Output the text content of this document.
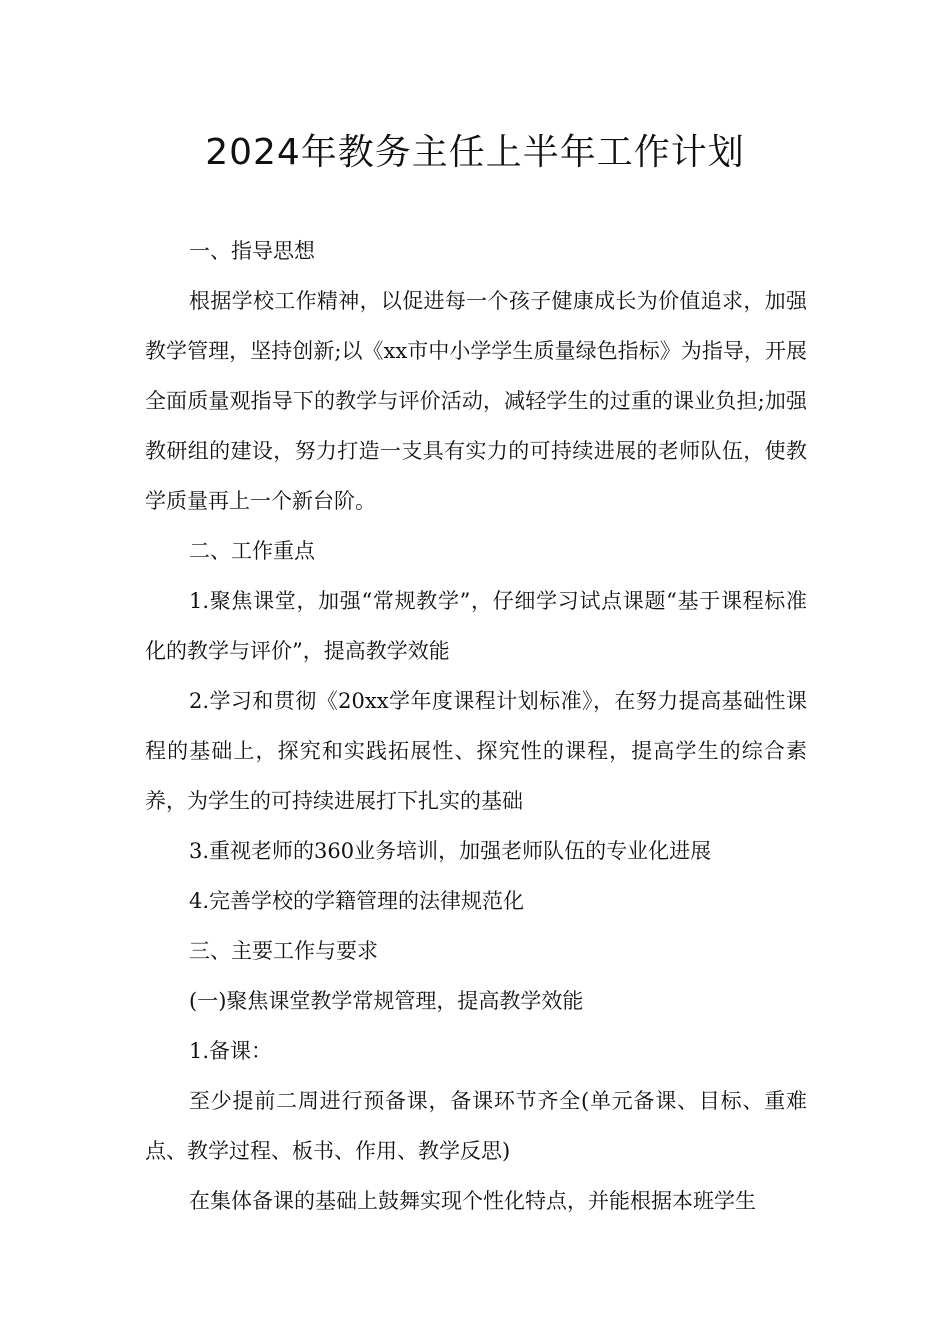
2024年教务主任上半年工作计划

一、指导思想

根据学校工作精神，以促进每一个孩子健康成长为价值追求，加强教学管理，坚持创新;以《xx市中小学学生质量绿色指标》为指导，开展全面质量观指导下的教学与评价活动，减轻学生的过重的课业负担;加强教研组的建设，努力打造一支具有实力的可持续进展的老师队伍，使教学质量再上一个新台阶。

二、工作重点

1.聚焦课堂，加强“常规教学”，仔细学习试点课题“基于课程标准化的教学与评价”，提高教学效能

2.学习和贯彻《20xx学年度课程计划标准》，在努力提高基础性课程的基础上，探究和实践拓展性、探究性的课程，提高学生的综合素养，为学生的可持续进展打下扎实的基础

3.重视老师的360业务培训，加强老师队伍的专业化进展

4.完善学校的学籍管理的法律规范化

三、主要工作与要求

(一)聚焦课堂教学常规管理，提高教学效能

1.备课：

至少提前二周进行预备课，备课环节齐全(单元备课、目标、重难点、教学过程、板书、作用、教学反思)

在集体备课的基础上鼓舞实现个性化特点，并能根据本班学生
